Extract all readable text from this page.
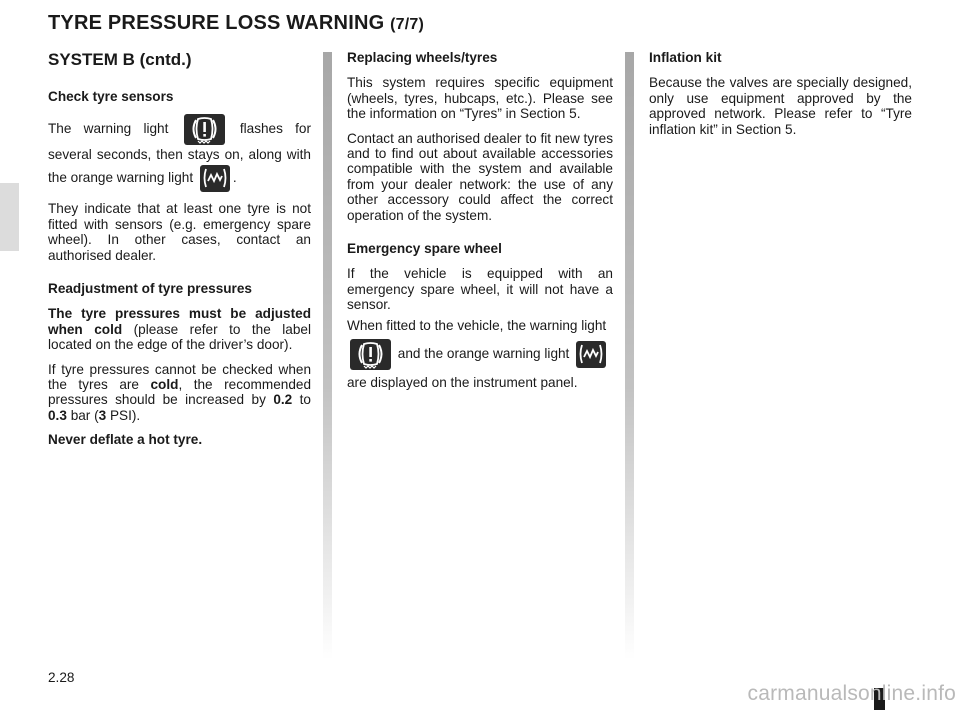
TYRE PRESSURE LOSS WARNING (7/7)
SYSTEM B (cntd.)
Check tyre sensors

The warning light	flashes for several seconds, then stays on, along with the orange warning light	.

They indicate that at least one tyre is not fitted with sensors (e.g. emergency spare wheel). In other cases, contact an authorised dealer.

Readjustment of tyre pressures

The tyre pressures must be adjusted when cold (please refer to the label located on the edge of the driver’s door).

If tyre pressures cannot be checked when the tyres are cold, the recommended pressures should be increased by 0.2 to 0.3 bar (3 PSI).

Never deflate a hot tyre.

Replacing wheels/tyres

This system requires specific equipment (wheels, tyres, hubcaps, etc.). Please see the information on “Tyres” in Section 5.

Contact an authorised dealer to fit new tyres and to find out about available accessories compatible with the system and available from your dealer network: the use of any other accessory could affect the correct operation of the system.

Emergency spare wheel

If the vehicle is equipped with an emergency spare wheel, it will not have a sensor.

When fitted to the vehicle, the warning light
and the orange warning light
are displayed on the instrument panel.

Inflation kit

Because the valves are specially designed, only use equipment approved by the approved network. Please refer to “Tyre inflation kit” in Section 5.

2.28
carmanualsonline.info
